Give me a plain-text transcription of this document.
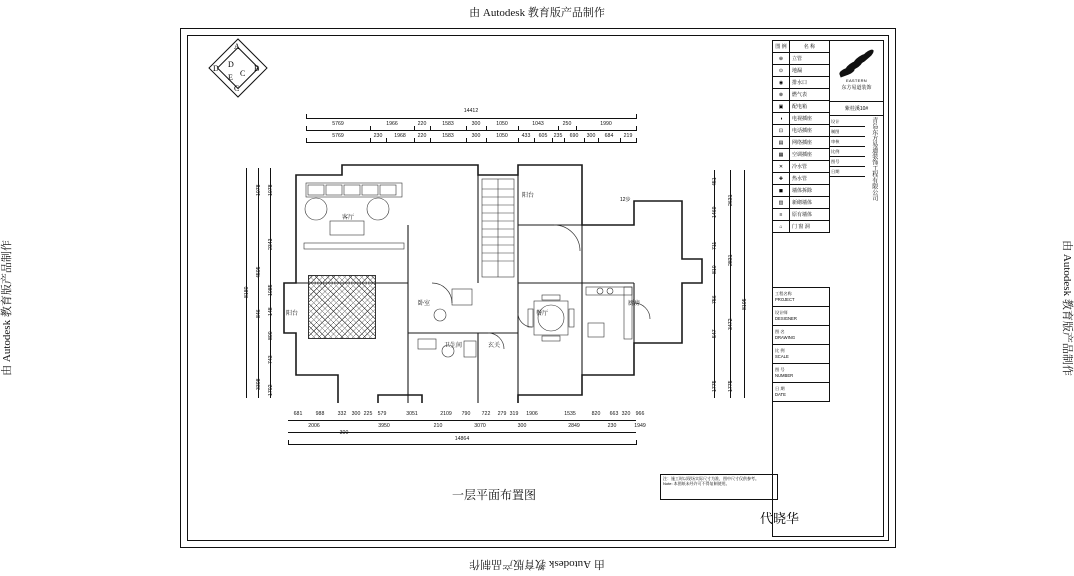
由 Autodesk 教育版产品制作
由 Autodesk 教育版产品制作
由 Autodesk 教育版产品制作	由 Autodesk 教育版产品制作
A
B
C
D D
C
E
14412
5769	1966	220	1583	300	1050	1043	250	1990
5769	230 1968 220	1583	300	1050	433 605 235 690 300 684 219
8180
1078
4505
846
3308
1078
2343
1085
148
800
743
1702
451
1469
711
810
756
547
1775
2631
2831
3472
1775
8105
12步
客厅
餐厅
厨房
卧室
卫生间	玄关
阳台
阳台
681	988	332 300 225 579	3051	2109 790 722 279 319 1906	1535	820 663 320 966
2006	3950	210	3070	300	2849	230	1949
300
14864
一层平面布置图
注：施工时以现场实际尺寸为准，图中尺寸仅供参考。
Note: 本图纸未经许可不得复制使用。
代晓华
图 例	名 称
⊕	立管
⊙	地漏
◉	排水口
⊗	燃气表
▣	配电箱
◑	电视插座
⊡	电话插座
▤	网络插座
▦	空调插座
✕	冷水管
✚	热水管
◼	墙体拆除
▥	新砌墙体
≡	原有墙体
⌂	门 窗 洞
EASTERN
东方易道装饰
紫桂溪10#
青岛东方易道装饰工程有限公司
设计
制图
审核
比例
图号
日期
工程名称
PROJECT
设计师
DESIGNER
图 名
DRAWING
比 例
SCALE
图 号
NUMBER
日 期
DATE
